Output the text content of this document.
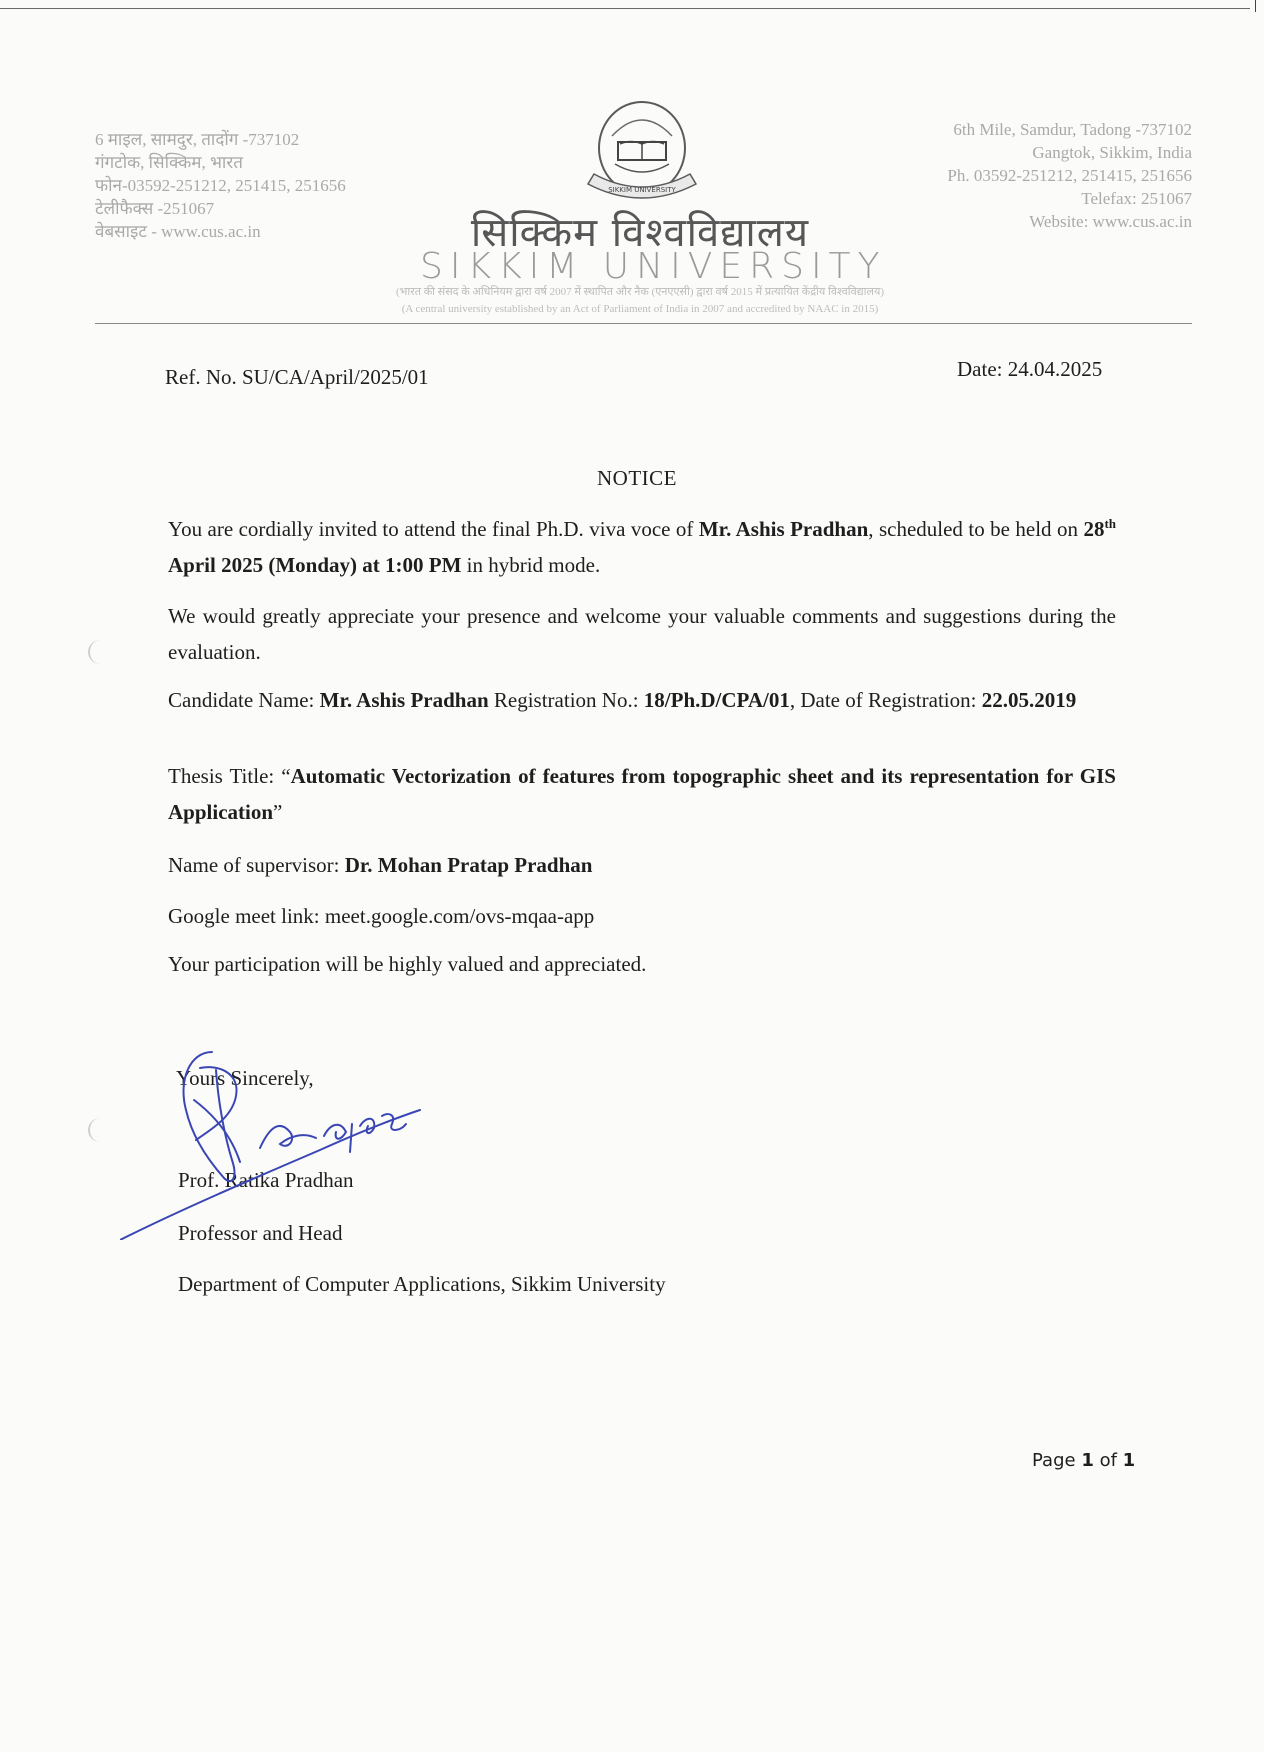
6 माइल, सामदुर, तादोंग -737102
गंगटोक, सिक्किम, भारत
फोन-03592-251212, 251415, 251656
टेलीफैक्स -251067
वेबसाइट - www.cus.ac.in
SIKKIM UNIVERSITY
सिक्किम विश्वविद्यालय
SIKKIM UNIVERSITY
6th Mile, Samdur, Tadong -737102
Gangtok, Sikkim, India
Ph. 03592-251212, 251415, 251656
Telefax: 251067
Website: www.cus.ac.in
(भारत की संसद के अधिनियम द्वारा वर्ष 2007 में स्थापित और नैक (एनएएसी) द्वारा वर्ष 2015 में प्रत्यायित केंद्रीय विश्वविद्यालय)
(A central university established by an Act of Parliament of India in 2007 and accredited by NAAC in 2015)
Ref. No. SU/CA/April/2025/01	Date: 24.04.2025
NOTICE
You are cordially invited to attend the final Ph.D. viva voce of Mr. Ashis Pradhan, scheduled to be held on 28th April 2025 (Monday) at 1:00 PM in hybrid mode.
We would greatly appreciate your presence and welcome your valuable comments and suggestions during the evaluation.
Candidate Name: Mr. Ashis Pradhan Registration No.: 18/Ph.D/CPA/01, Date of Registration: 22.05.2019
Thesis Title: “Automatic Vectorization of features from topographic sheet and its representation for GIS Application”
Name of supervisor: Dr. Mohan Pratap Pradhan
Google meet link: meet.google.com/ovs-mqaa-app
Your participation will be highly valued and appreciated.
Yours Sincerely,
Prof. Ratika Pradhan
Professor and Head
Department of Computer Applications, Sikkim University
24/4/25
Page 1 of 1
